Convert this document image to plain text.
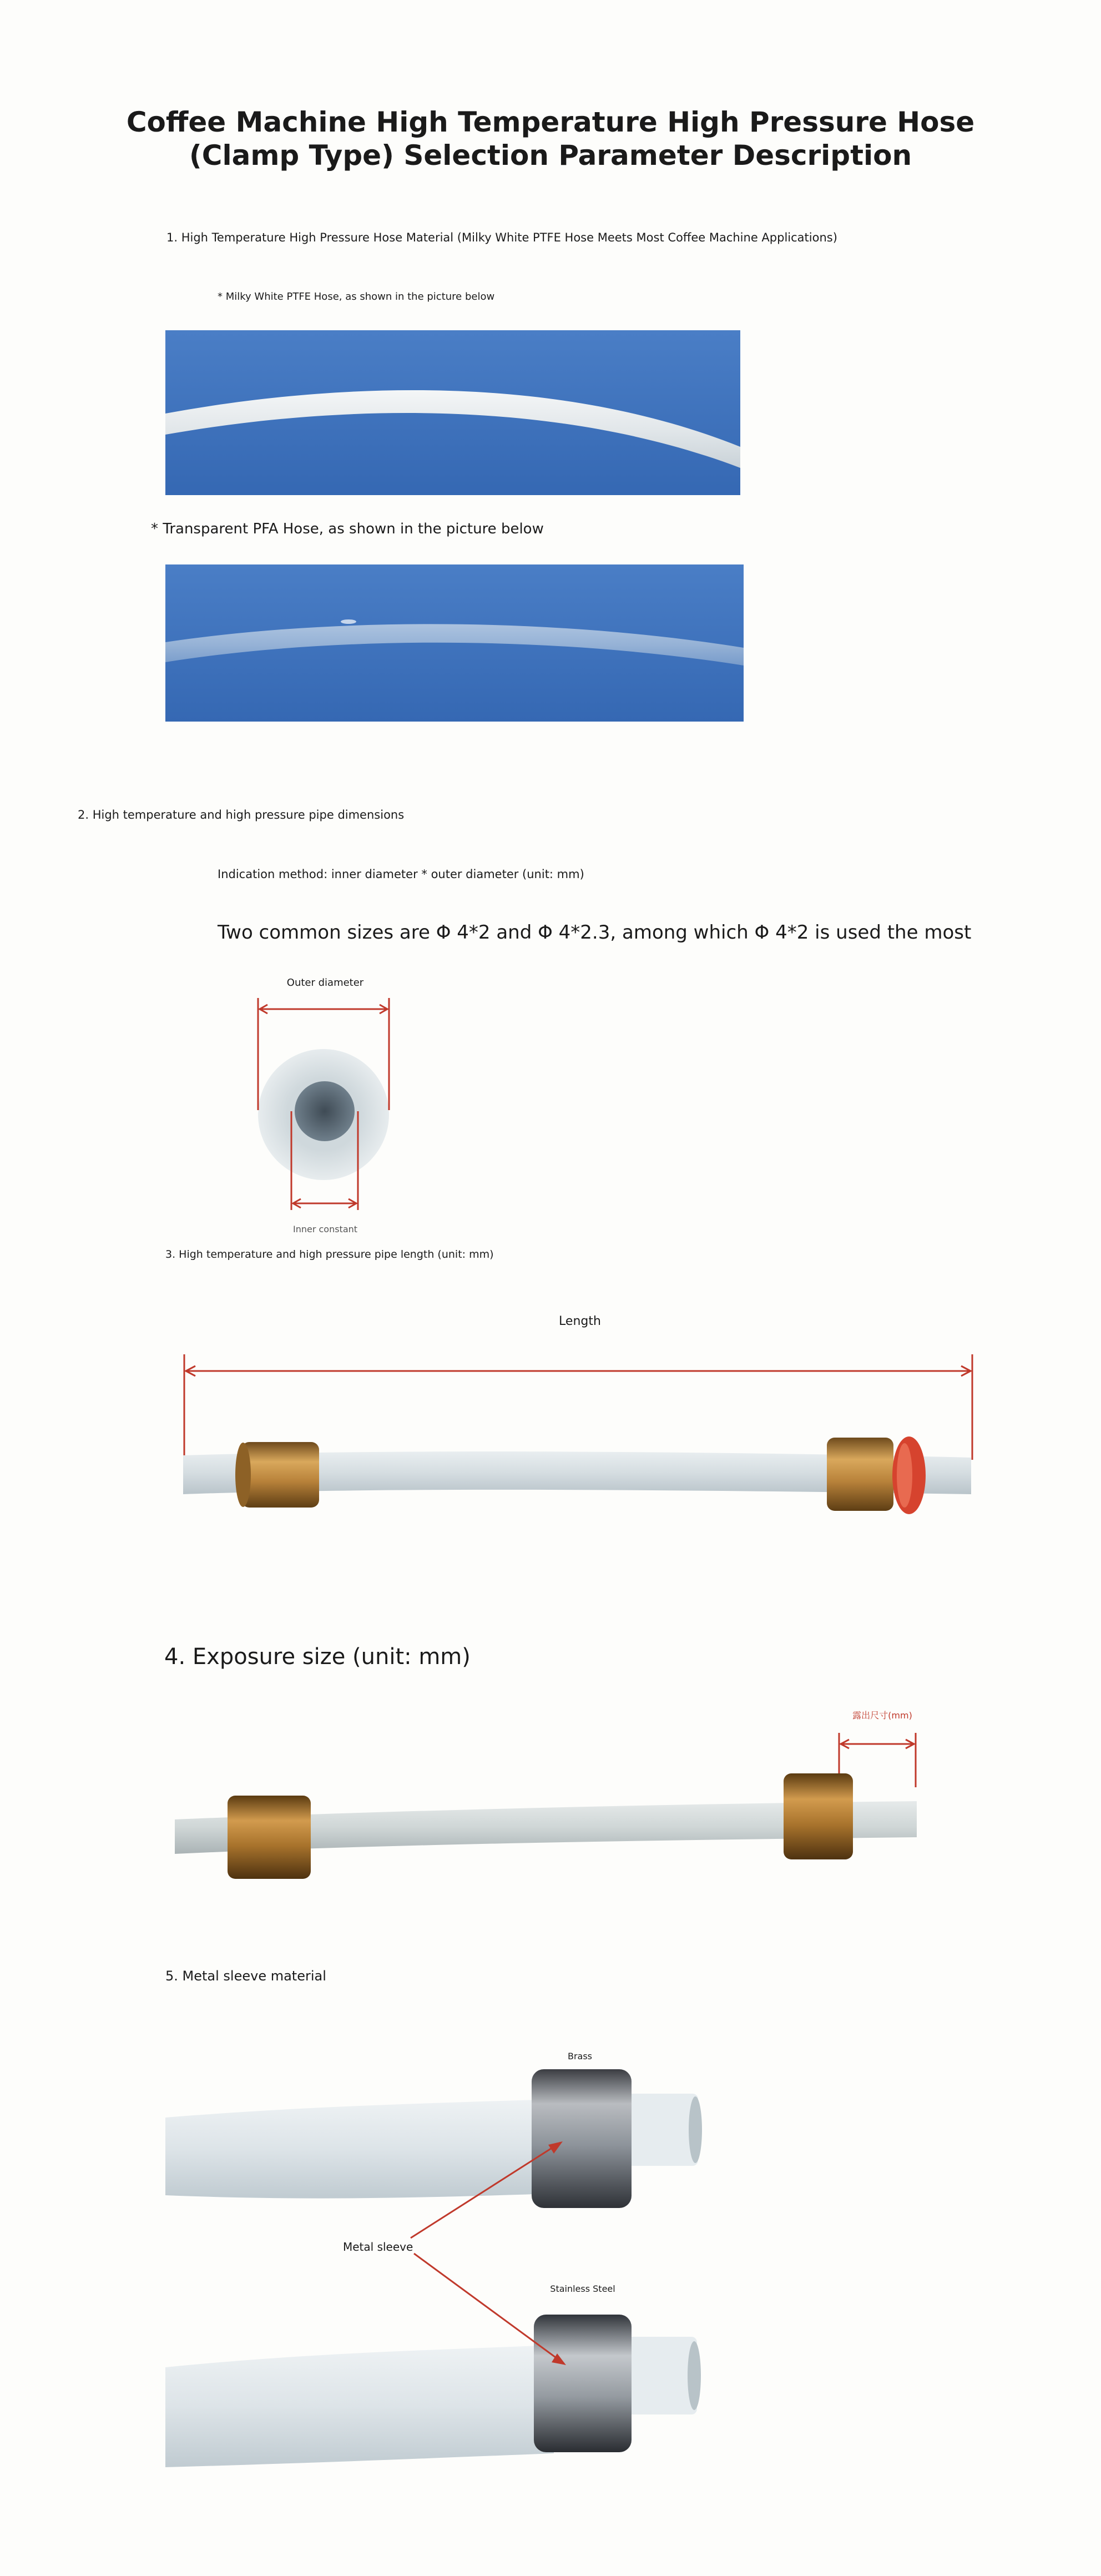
Coffee Machine High Temperature High Pressure Hose
(Clamp Type) Selection Parameter Description
1. High Temperature High Pressure Hose Material (Milky White PTFE Hose Meets Most Coffee Machine Applications)
* Milky White PTFE Hose, as shown in the picture below
* Transparent PFA Hose, as shown in the picture below
2. High temperature and high pressure pipe dimensions
Indication method: inner diameter * outer diameter (unit: mm)
Two common sizes are Φ 4*2 and Φ 4*2.3, among which Φ 4*2 is used the most
Outer diameter
Inner constant
3. High temperature and high pressure pipe length (unit: mm)
Length
4. Exposure size (unit: mm)
露出尺寸(mm)
5. Metal sleeve material
Brass
Stainless Steel
Metal sleeve
